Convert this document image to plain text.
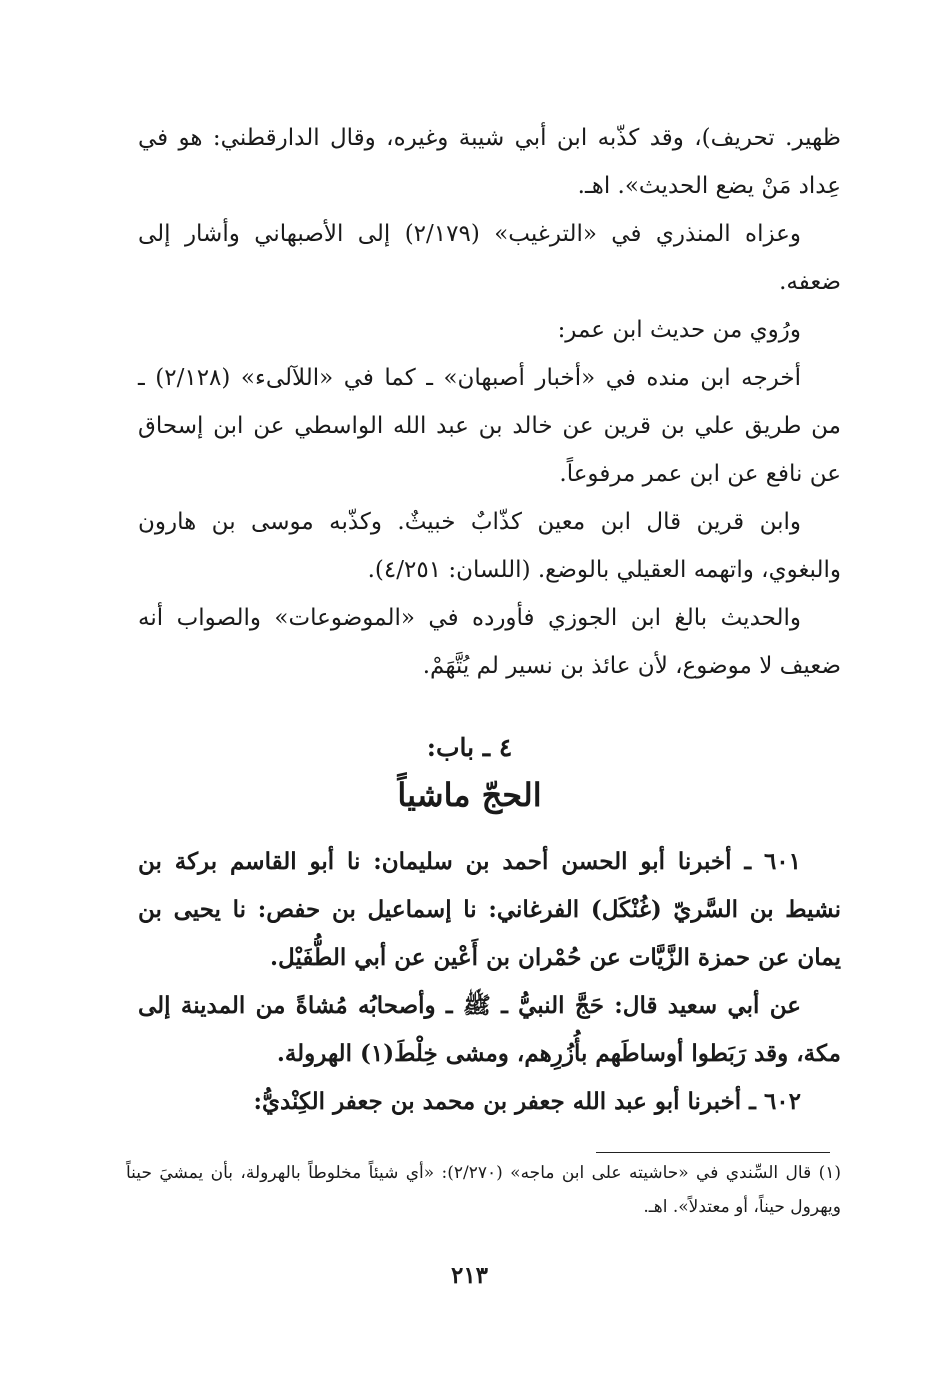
ظهير. تحريف)، وقد كذّبه ابن أبي شيبة وغيره، وقال الدارقطني: هو في عِداد مَنْ يضع الحديث». اهـ.

وعزاه المنذري في «الترغيب» (٢/١٧٩) إلى الأصبهاني وأشار إلى ضعفه.

ورُوي من حديث ابن عمر:

أخرجه ابن منده في «أخبار أصبهان» ـ كما في «اللآلىء» (٢/١٢٨) ـ من طريق علي بن قرين عن خالد بن عبد الله الواسطي عن ابن إسحاق عن نافع عن ابن عمر مرفوعاً.

وابن قرين قال ابن معين كذّابٌ خبيثٌ. وكذّبه موسى بن هارون والبغوي، واتهمه العقيلي بالوضع. (اللسان: ٤/٢٥١).

والحديث بالغ ابن الجوزي فأورده في «الموضوعات» والصواب أنه ضعيف لا موضوع، لأن عائذ بن نسير لم يُتَّهَمْ.

٤ ـ باب:
الحجّ ماشياً

٦٠١ ـ أخبرنا أبو الحسن أحمد بن سليمان: نا أبو القاسم بركة بن نشيط بن السَّريّ (غُنْكَل) الفرغاني: نا إسماعيل بن حفص: نا يحيى بن يمان عن حمزة الزَّيَّات عن حُمْران بن أَعْين عن أبي الطُّفَيْل.

عن أبي سعيد قال: حَجَّ النبيُّ ـ ﷺ ـ وأصحابُه مُشاةً من المدينة إلى مكة، وقد رَبَطوا أوساطَهم بأُزُرِهم، ومشى خِلْطَ(١) الهرولة.

٦٠٢ ـ أخبرنا أبو عبد الله جعفر بن محمد بن جعفر الكِنْديُّ:

(١) قال السِّندي في «حاشيته على ابن ماجه» (٢/٢٧٠): «أي شيئاً مخلوطاً بالهرولة، بأن يمشيَ حيناً ويهرول حيناً، أو معتدلاً». اهـ.

٢١٣
